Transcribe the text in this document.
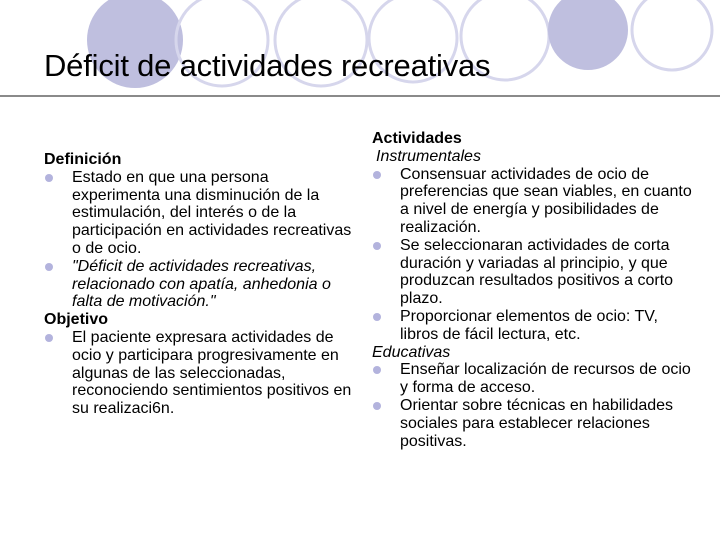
Déficit de actividades recreativas
Definición
Estado en que una persona experimenta una disminución de la estimulación, del interés o de la participación en actividades recreativas o de ocio.
"Déficit de actividades recreativas, relacionado con apatía, anhedonia o falta de motivación."
Objetivo
El paciente expresara actividades de ocio y participara progresivamente en algunas de las seleccionadas, reconociendo sentimientos positivos en su realizaci6n.
Actividades
Instrumentales
Consensuar actividades de ocio de preferencias que sean viables, en cuanto a nivel de energía y posibilidades de realización.
Se seleccionaran actividades de corta duración y variadas al principio, y que produzcan resultados positivos a corto plazo.
Proporcionar elementos de ocio: TV, libros de fácil lectura, etc.
Educativas
Enseñar localización de recursos de ocio y forma de acceso.
Orientar sobre técnicas en habilidades sociales para establecer relaciones positivas.
